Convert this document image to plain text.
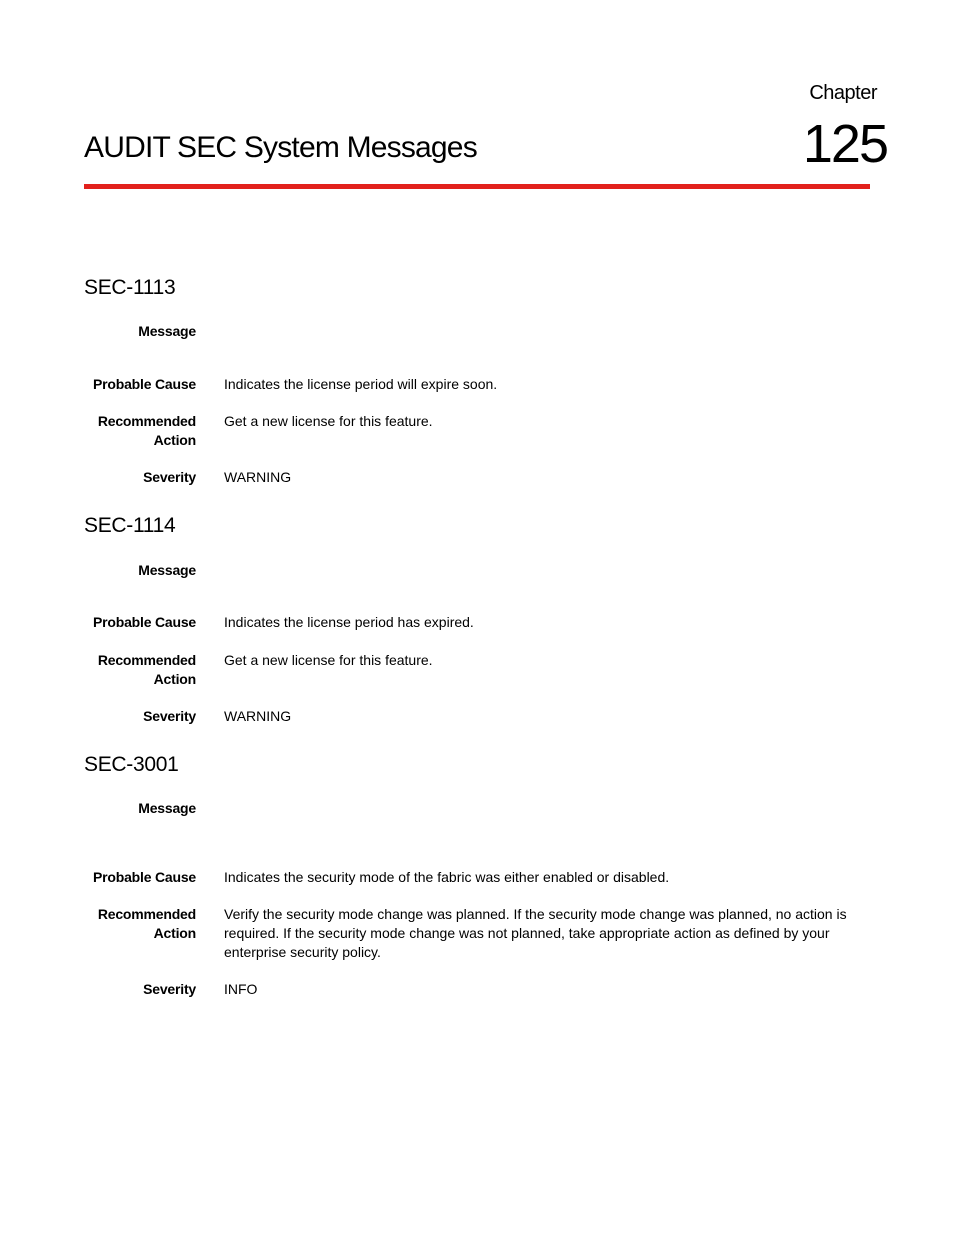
Chapter
125
AUDIT SEC System Messages
SEC-1113
Message
Probable Cause Indicates the license period will expire soon.
Recommended Action
Get a new license for this feature.
Severity WARNING
SEC-1114
Message
Probable Cause Indicates the license period has expired.
Recommended Action
Get a new license for this feature.
Severity WARNING
SEC-3001
Message
Probable Cause Indicates the security mode of the fabric was either enabled or disabled.
Recommended Action
Verify the security mode change was planned. If the security mode change was planned, no action is required. If the security mode change was not planned, take appropriate action as defined by your enterprise security policy.
Severity INFO
